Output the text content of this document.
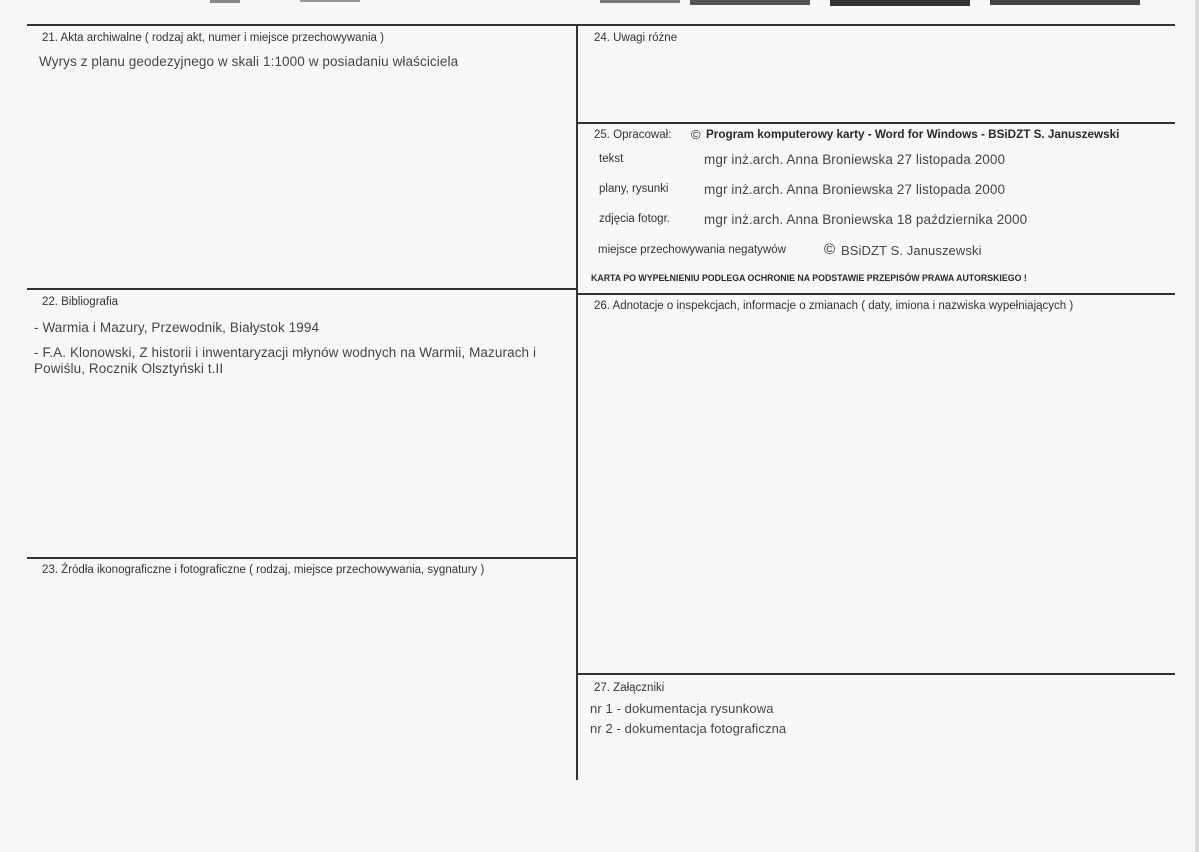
21. Akta archiwalne ( rodzaj akt, numer i miejsce przechowywania )
Wyrys z planu geodezyjnego w skali 1:1000 w posiadaniu właściciela
22. Bibliografia
- Warmia i Mazury, Przewodnik, Białystok 1994
- F.A. Klonowski, Z historii i inwentaryzacji młynów wodnych na Warmii, Mazurach i
Powiślu, Rocznik Olsztyński t.II
23. Źródła ikonograficzne i fotograficzne ( rodzaj, miejsce przechowywania, sygnatury )
24. Uwagi różne
25. Opracował: © Program komputerowy karty - Word for Windows - BSiDZT S. Januszewski
tekst	mgr inż.arch. Anna Broniewska 27 listopada 2000
plany, rysunki	mgr inż.arch. Anna Broniewska 27 listopada 2000
zdjęcia fotogr.	mgr inż.arch. Anna Broniewska 18 października 2000
miejsce przechowywania negatywów	© BSiDZT S. Januszewski
KARTA PO WYPEŁNIENIU PODLEGA OCHRONIE NA PODSTAWIE PRZEPISÓW PRAWA AUTORSKIEGO !
26. Adnotacje o inspekcjach, informacje o zmianach ( daty, imiona i nazwiska wypełniających )
27. Załączniki
nr 1 - dokumentacja rysunkowa
nr 2 - dokumentacja fotograficzna
